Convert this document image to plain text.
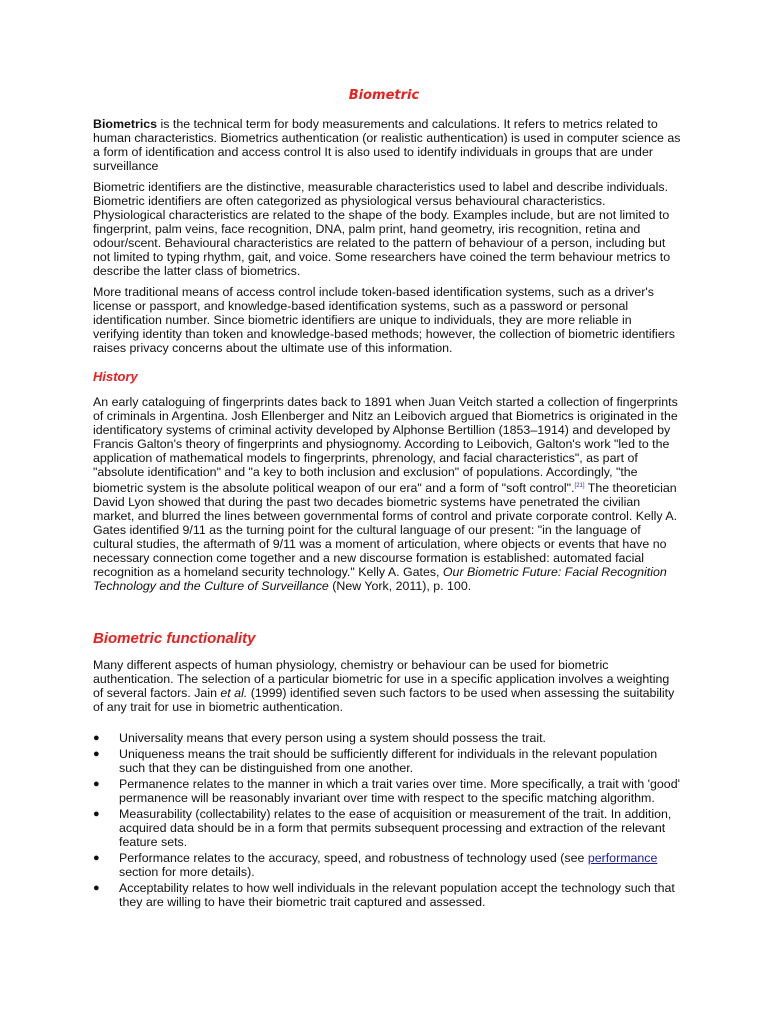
Biometric

Biometrics is the technical term for body measurements and calculations. It refers to metrics related to human characteristics. Biometrics authentication (or realistic authentication) is used in computer science as a form of identification and access control It is also used to identify individuals in groups that are under surveillance

Biometric identifiers are the distinctive, measurable characteristics used to label and describe individuals. Biometric identifiers are often categorized as physiological versus behavioural characteristics. Physiological characteristics are related to the shape of the body. Examples include, but are not limited to fingerprint, palm veins, face recognition, DNA, palm print, hand geometry, iris recognition, retina and odour/scent. Behavioural characteristics are related to the pattern of behaviour of a person, including but not limited to typing rhythm, gait, and voice. Some researchers have coined the term behaviour metrics to describe the latter class of biometrics.

More traditional means of access control include token-based identification systems, such as a driver's license or passport, and knowledge-based identification systems, such as a password or personal identification number. Since biometric identifiers are unique to individuals, they are more reliable in verifying identity than token and knowledge-based methods; however, the collection of biometric identifiers raises privacy concerns about the ultimate use of this information.

History

An early cataloguing of fingerprints dates back to 1891 when Juan Veitch started a collection of fingerprints of criminals in Argentina. Josh Ellenberger and Nitz an Leibovich argued that Biometrics is originated in the identificatory systems of criminal activity developed by Alphonse Bertillion (1853–1914) and developed by Francis Galton's theory of fingerprints and physiognomy. According to Leibovich, Galton's work "led to the application of mathematical models to fingerprints, phrenology, and facial characteristics", as part of "absolute identification" and "a key to both inclusion and exclusion" of populations. Accordingly, "the biometric system is the absolute political weapon of our era" and a form of "soft control".[21] The theoretician David Lyon showed that during the past two decades biometric systems have penetrated the civilian market, and blurred the lines between governmental forms of control and private corporate control. Kelly A. Gates identified 9/11 as the turning point for the cultural language of our present: "in the language of cultural studies, the aftermath of 9/11 was a moment of articulation, where objects or events that have no necessary connection come together and a new discourse formation is established: automated facial recognition as a homeland security technology." Kelly A. Gates, Our Biometric Future: Facial Recognition Technology and the Culture of Surveillance (New York, 2011), p. 100.

Biometric functionality

Many different aspects of human physiology, chemistry or behaviour can be used for biometric authentication. The selection of a particular biometric for use in a specific application involves a weighting of several factors. Jain et al. (1999) identified seven such factors to be used when assessing the suitability of any trait for use in biometric authentication.

● Universality means that every person using a system should possess the trait.
● Uniqueness means the trait should be sufficiently different for individuals in the relevant population such that they can be distinguished from one another.
● Permanence relates to the manner in which a trait varies over time. More specifically, a trait with 'good' permanence will be reasonably invariant over time with respect to the specific matching algorithm.
● Measurability (collectability) relates to the ease of acquisition or measurement of the trait. In addition, acquired data should be in a form that permits subsequent processing and extraction of the relevant feature sets.
● Performance relates to the accuracy, speed, and robustness of technology used (see performance section for more details).
● Acceptability relates to how well individuals in the relevant population accept the technology such that they are willing to have their biometric trait captured and assessed.
